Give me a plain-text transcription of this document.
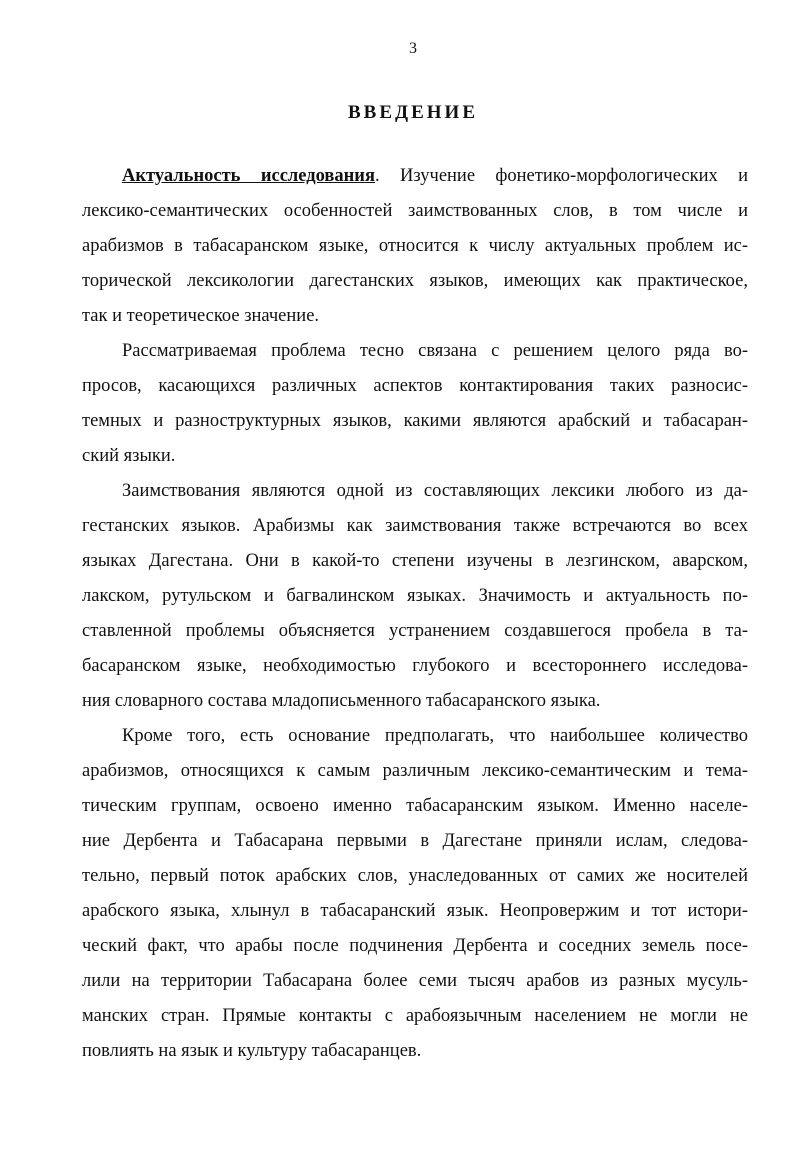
3
ВВЕДЕНИЕ
Актуальность исследования. Изучение фонетико-морфологических и
лексико-семантических особенностей заимствованных слов, в том числе и
арабизмов в табасаранском языке, относится к числу актуальных проблем ис-
торической лексикологии дагестанских языков, имеющих как практическое,
так и теоретическое значение.
Рассматриваемая проблема тесно связана с решением целого ряда во-
просов, касающихся различных аспектов контактирования таких разносис-
темных и разноструктурных языков, какими являются арабский и табасаран-
ский языки.
Заимствования являются одной из составляющих лексики любого из да-
гестанских языков. Арабизмы как заимствования также встречаются во всех
языках Дагестана. Они в какой-то степени изучены в лезгинском, аварском,
лакском, рутульском и багвалинском языках. Значимость и актуальность по-
ставленной проблемы объясняется устранением создавшегося пробела в та-
басаранском языке, необходимостью глубокого и всестороннего исследова-
ния словарного состава младописьменного табасаранского языка.
Кроме того, есть основание предполагать, что наибольшее количество
арабизмов, относящихся к самым различным лексико-семантическим и тема-
тическим группам, освоено именно табасаранским языком. Именно населе-
ние Дербента и Табасарана первыми в Дагестане приняли ислам, следова-
тельно, первый поток арабских слов, унаследованных от самих же носителей
арабского языка, хлынул в табасаранский язык. Неопровержим и тот истори-
ческий факт, что арабы после подчинения Дербента и соседних земель посе-
лили на территории Табасарана более семи тысяч арабов из разных мусуль-
манских стран. Прямые контакты с арабоязычным населением не могли не
повлиять на язык и культуру табасаранцев.
